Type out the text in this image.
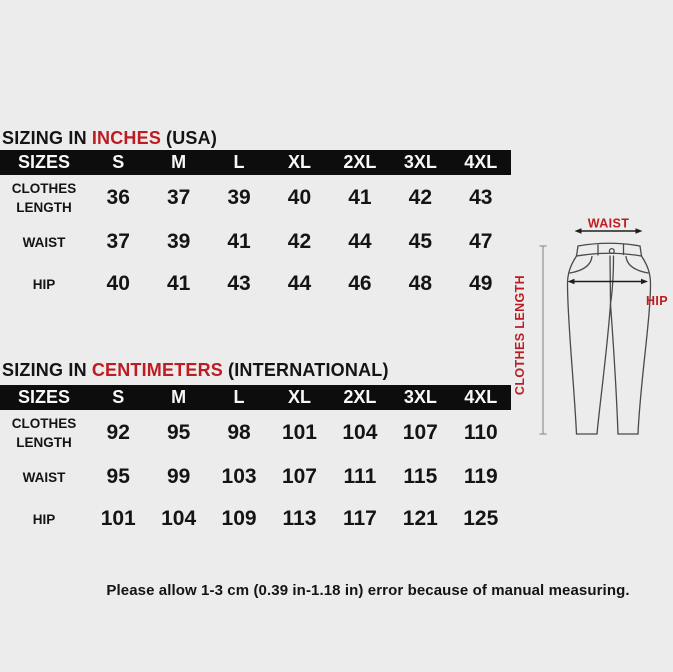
SIZING IN INCHES (USA)
SIZES	S	M	L	XL	2XL	3XL	4XL
CLOTHES LENGTH	36	37	39	40	41	42	43
WAIST	37	39	41	42	44	45	47
HIP	40	41	43	44	46	48	49
SIZING IN CENTIMETERS (INTERNATIONAL)
SIZES	S	M	L	XL	2XL	3XL	4XL
CLOTHES LENGTH	92	95	98	101	104	107	110
WAIST	95	99	103	107	111	115	119
HIP	101	104	109	113	117	121	125
WAIST
HIP
CLOTHES LENGTH
Please allow 1-3 cm (0.39 in-1.18 in) error because of manual measuring.
